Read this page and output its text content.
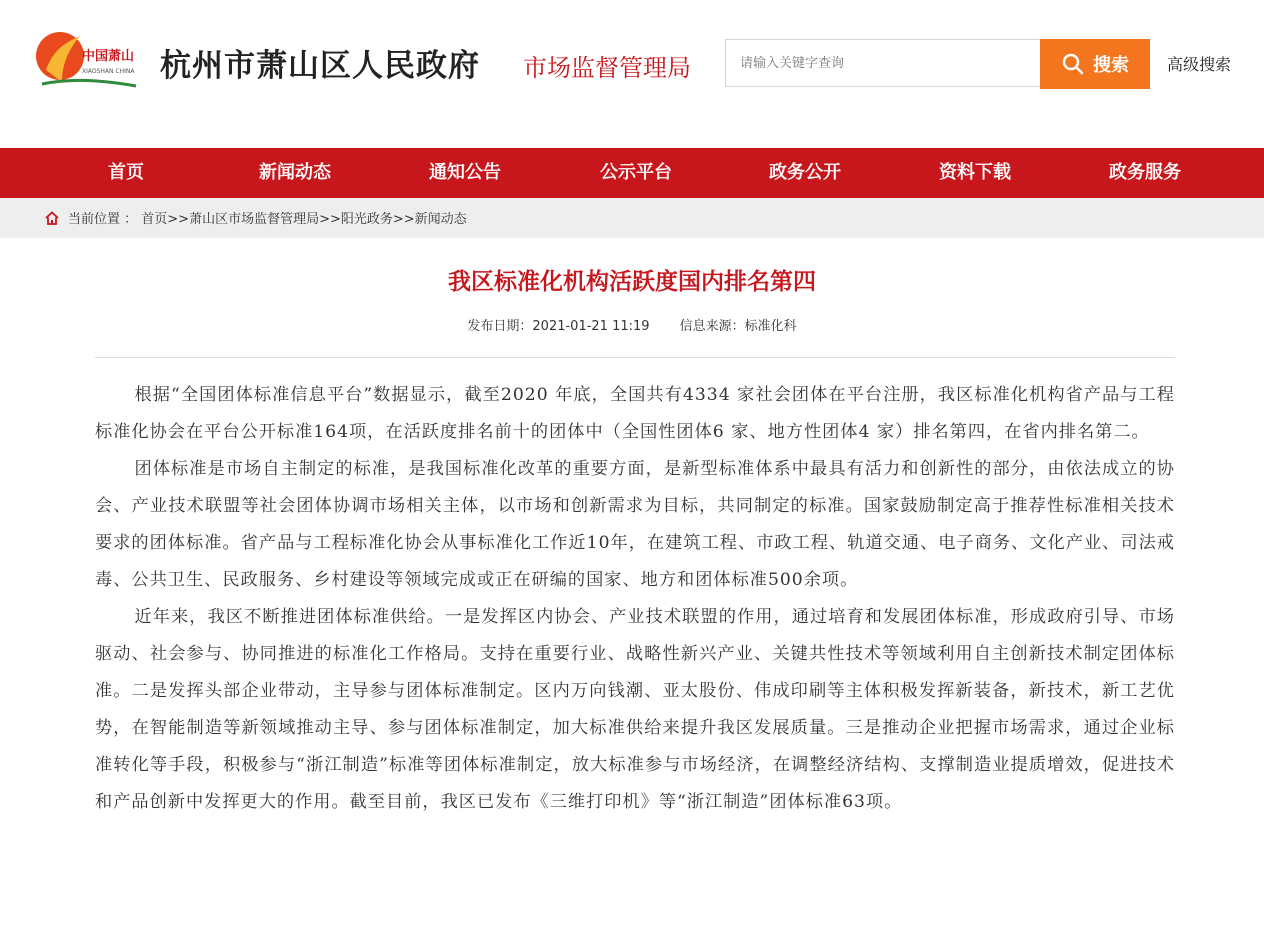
中国萧山
XIAOSHAN CHINA 杭州市萧山区人民政府 市场监督管理局
请输入关键字查询	搜索 高级搜索
首页	新闻动态	通知公告	公示平台	政务公开	资料下载	政务服务
当前位置 ： 首页>>萧山区市场监督管理局>>阳光政务>>新闻动态
我区标准化机构活跃度国内排名第四
发布日期：2021-01-21 11:19 信息来源：标准化科

根据“全国团体标准信息平台”数据显示，截至2020 年底，全国共有4334 家社会团体在平台注册，我区标准化机构省产品与工程标准化协会在平台公开标准164项，在活跃度排名前十的团体中（全国性团体6 家、地方性团体4 家）排名第四，在省内排名第二。

团体标准是市场自主制定的标准，是我国标准化改革的重要方面，是新型标准体系中最具有活力和创新性的部分，由依法成立的协会、产业技术联盟等社会团体协调市场相关主体，以市场和创新需求为目标，共同制定的标准。国家鼓励制定高于推荐性标准相关技术要求的团体标准。省产品与工程标准化协会从事标准化工作近10年，在建筑工程、市政工程、轨道交通、电子商务、文化产业、司法戒毒、公共卫生、民政服务、乡村建设等领域完成或正在研编的国家、地方和团体标准500余项。

近年来，我区不断推进团体标准供给。一是发挥区内协会、产业技术联盟的作用，通过培育和发展团体标准，形成政府引导、市场驱动、社会参与、协同推进的标准化工作格局。支持在重要行业、战略性新兴产业、关键共性技术等领域利用自主创新技术制定团体标准。二是发挥头部企业带动，主导参与团体标准制定。区内万向钱潮、亚太股份、伟成印刷等主体积极发挥新装备，新技术，新工艺优势，在智能制造等新领域推动主导、参与团体标准制定，加大标准供给来提升我区发展质量。三是推动企业把握市场需求，通过企业标准转化等手段，积极参与“浙江制造”标准等团体标准制定，放大标准参与市场经济，在调整经济结构、支撑制造业提质增效，促进技术和产品创新中发挥更大的作用。截至目前，我区已发布《三维打印机》等“浙江制造”团体标准63项。
